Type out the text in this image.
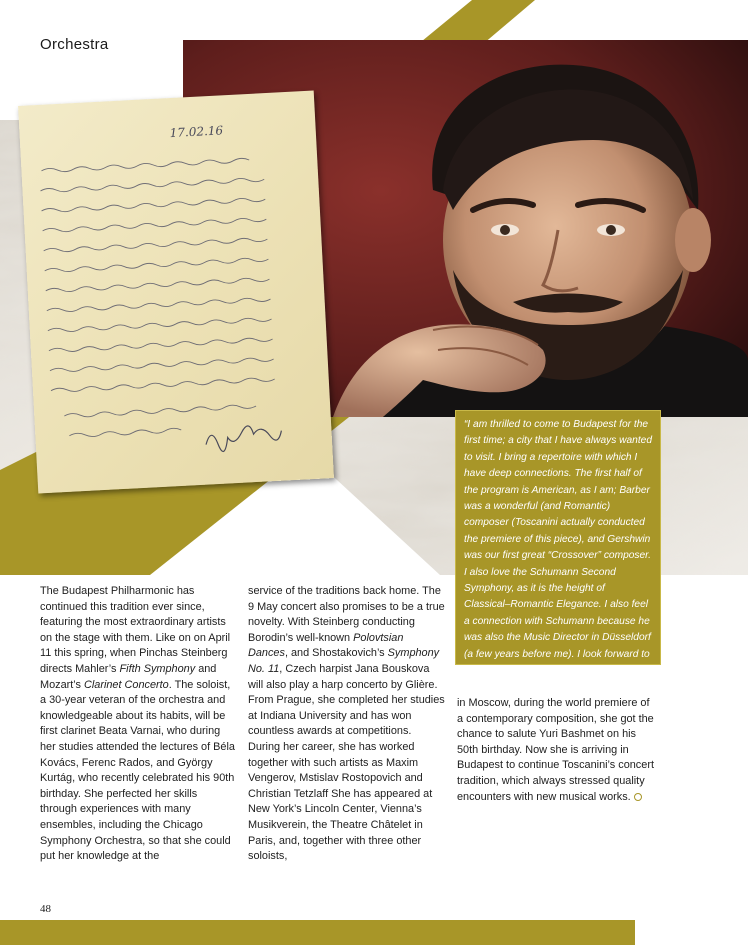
Orchestra
17.02.16

“I am thrilled to come to Budapest for the first time; a city that I have always wanted to visit. I bring a repertoire with which I have deep connections. The first half of the program is American, as I am; Barber was a wonderful (and Romantic) composer (Toscanini actually conducted the premiere of this piece), and Gershwin was our first great “Crossover” composer. I also love the Schumann Second Symphony, as it is the height of Classical–Romantic Elegance. I also feel a connection with Schumann because he was also the Music Director in Düsseldorf (a few years before me). I look forward to the concerts, and Budapest!”

John Fiore

The Budapest Philharmonic has continued this tradition ever since, featuring the most extraordinary artists on the stage with them. Like on on April 11 this spring, when Pinchas Steinberg directs Mahler’s Fifth Symphony and Mozart’s Clarinet Concerto. The soloist, a 30-year veteran of the orchestra and knowledgeable about its habits, will be first clarinet Beata Varnai, who during her studies attended the lectures of Béla Kovács, Ferenc Rados, and György Kurtág, who recently celebrated his 90th birthday. She perfected her skills through experiences with many ensembles, including the Chicago Symphony Orchestra, so that she could put her knowledge at the

service of the traditions back home. The 9 May concert also promises to be a true novelty. With Steinberg conducting Borodin’s well-known Polovtsian Dances, and Shostakovich’s Symphony No. 11, Czech harpist Jana Bouskova will also play a harp concerto by Glière. From Prague, she completed her studies at Indiana University and has won countless awards at competitions. During her career, she has worked together with such artists as Maxim Vengerov, Mstislav Rostopovich and Christian Tetzlaff She has appeared at New York’s Lincoln Center, Vienna’s Musikverein, the Theatre Châtelet in Paris, and, together with three other soloists,

in Moscow, during the world premiere of a contemporary composition, she got the chance to salute Yuri Bashmet on his 50th birthday. Now she is arriving in Budapest to continue Toscanini’s concert tradition, which always stressed quality encounters with new musical works.

48
